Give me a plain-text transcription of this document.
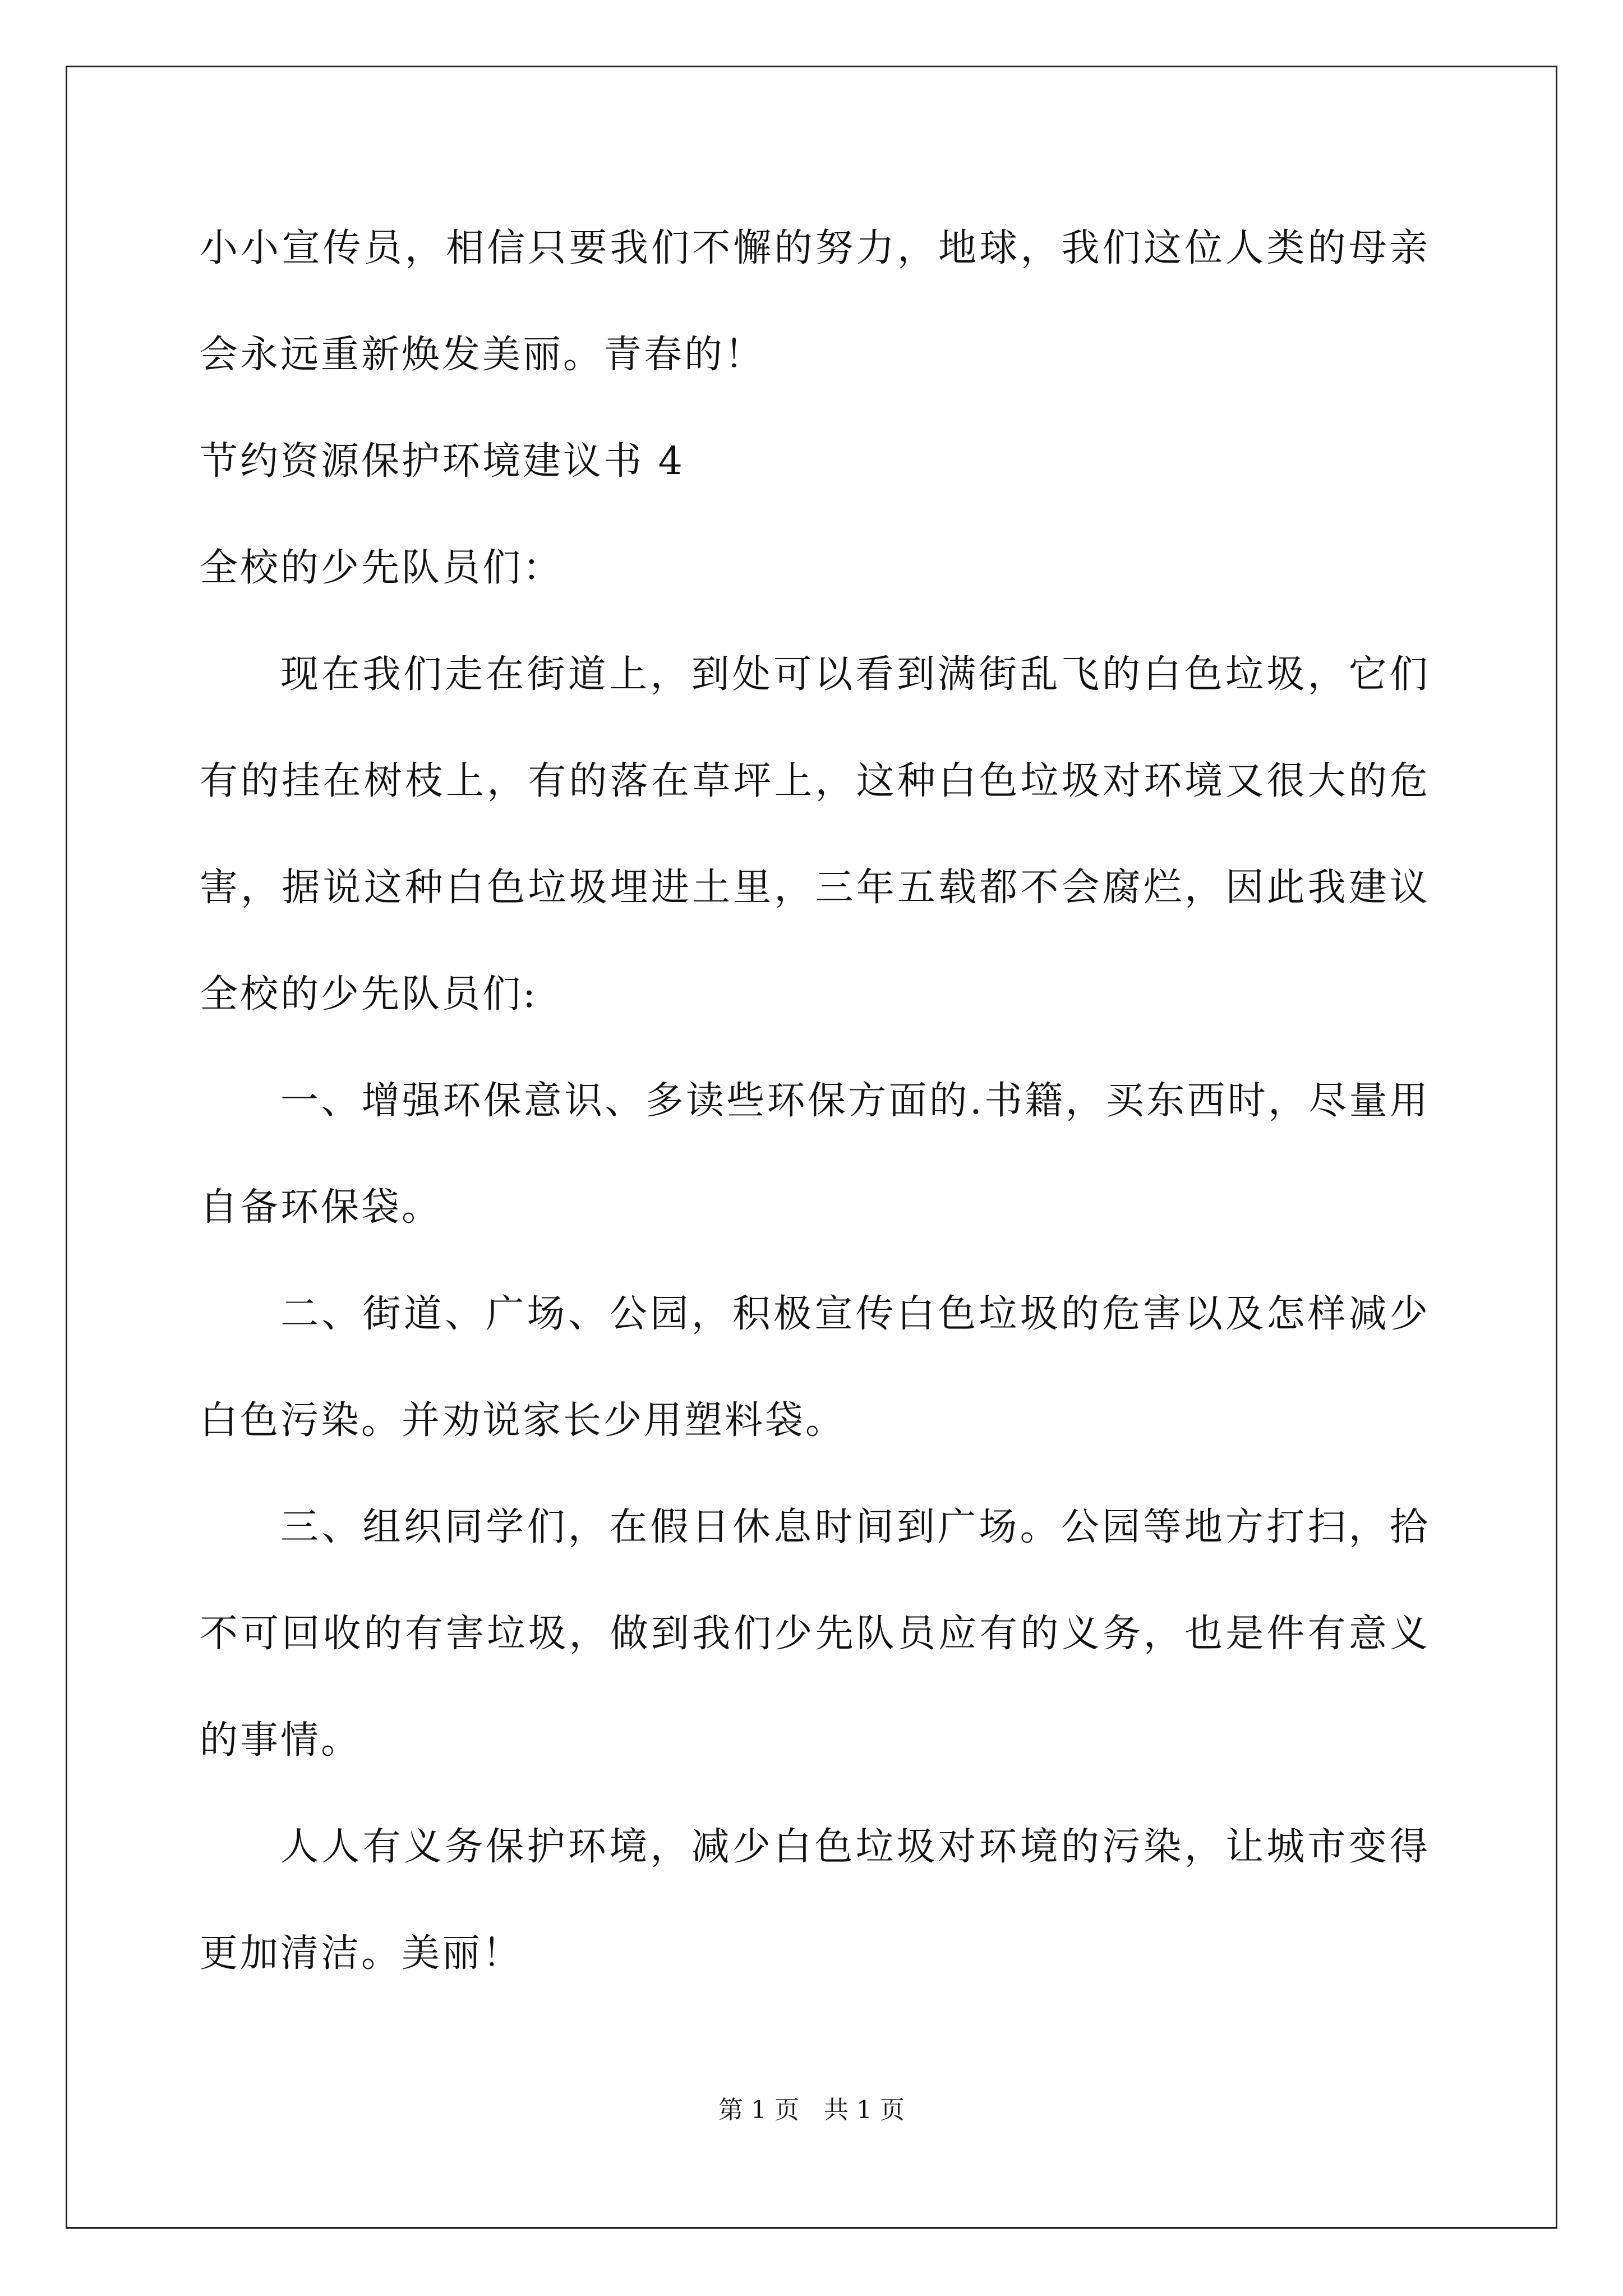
小小宣传员，相信只要我们不懈的努力，地球，我们这位人类的母亲
会永远重新焕发美丽。青春的！
节约资源保护环境建议书 4
全校的少先队员们：
现在我们走在街道上，到处可以看到满街乱飞的白色垃圾，它们
有的挂在树枝上，有的落在草坪上，这种白色垃圾对环境又很大的危
害，据说这种白色垃圾埋进土里，三年五载都不会腐烂，因此我建议
全校的少先队员们:
一、增强环保意识、多读些环保方面的.书籍，买东西时，尽量用
自备环保袋。
二、街道、广场、公园，积极宣传白色垃圾的危害以及怎样减少
白色污染。并劝说家长少用塑料袋。
三、组织同学们，在假日休息时间到广场。公园等地方打扫，拾
不可回收的有害垃圾，做到我们少先队员应有的义务，也是件有意义
的事情。
人人有义务保护环境，减少白色垃圾对环境的污染，让城市变得
更加清洁。美丽！
第 1 页　共 1 页
